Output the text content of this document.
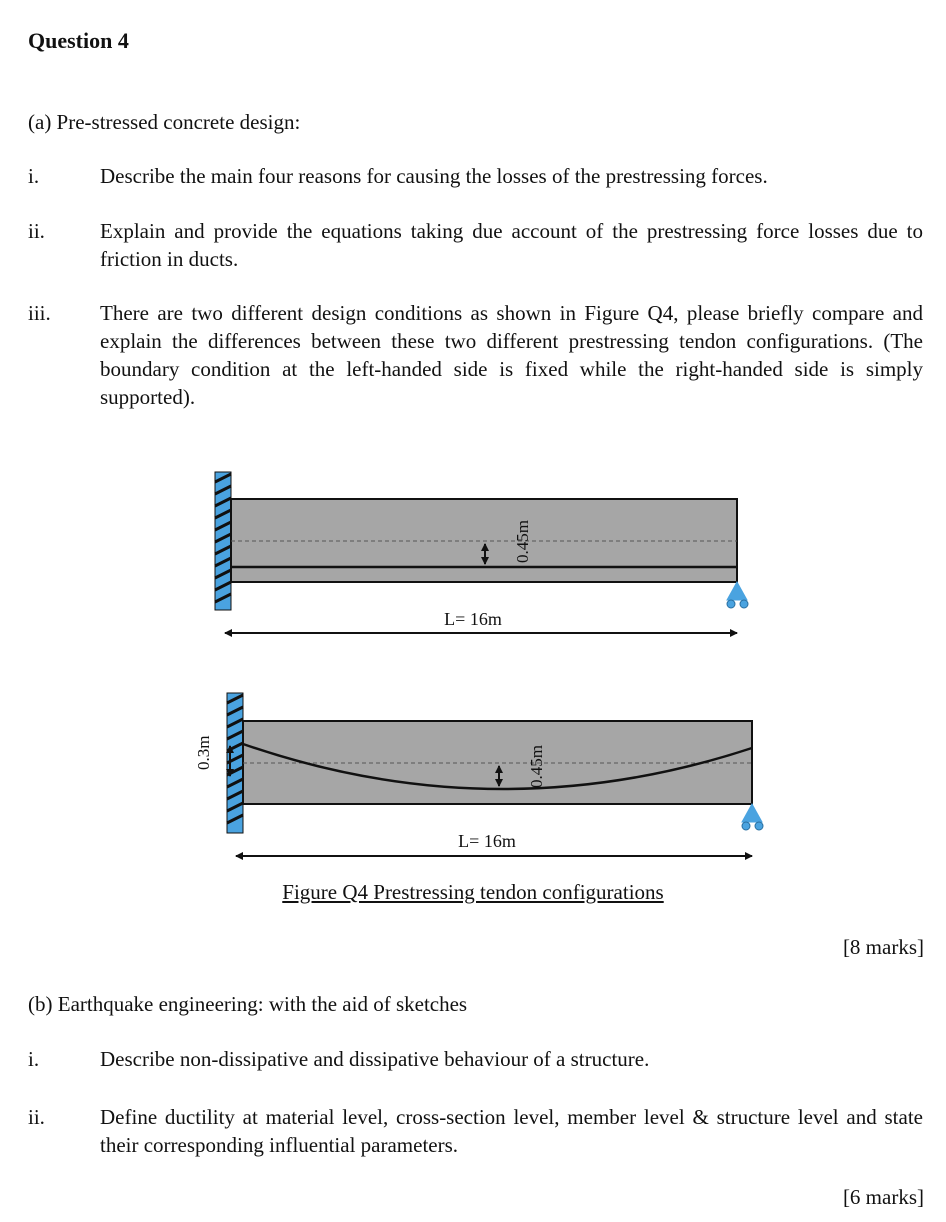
Question 4
(a) Pre-stressed concrete design:
i.	Describe the main four reasons for causing the losses of the prestressing forces.
ii.	Explain and provide the equations taking due account of the prestressing force losses due to friction in ducts.
iii. There are two different design conditions as shown in Figure Q4, please briefly compare and explain the differences between these two different prestressing tendon configurations. (The boundary condition at the left-handed side is fixed while the right-handed side is simply supported).
0.45m
L= 16m
0.3m	0.45m
L= 16m
Figure Q4 Prestressing tendon configurations
[8 marks]
(b) Earthquake engineering: with the aid of sketches
i.	Describe non-dissipative and dissipative behaviour of a structure.
ii.	Define ductility at material level, cross-section level, member level & structure level and state their corresponding influential parameters.
[6 marks]
